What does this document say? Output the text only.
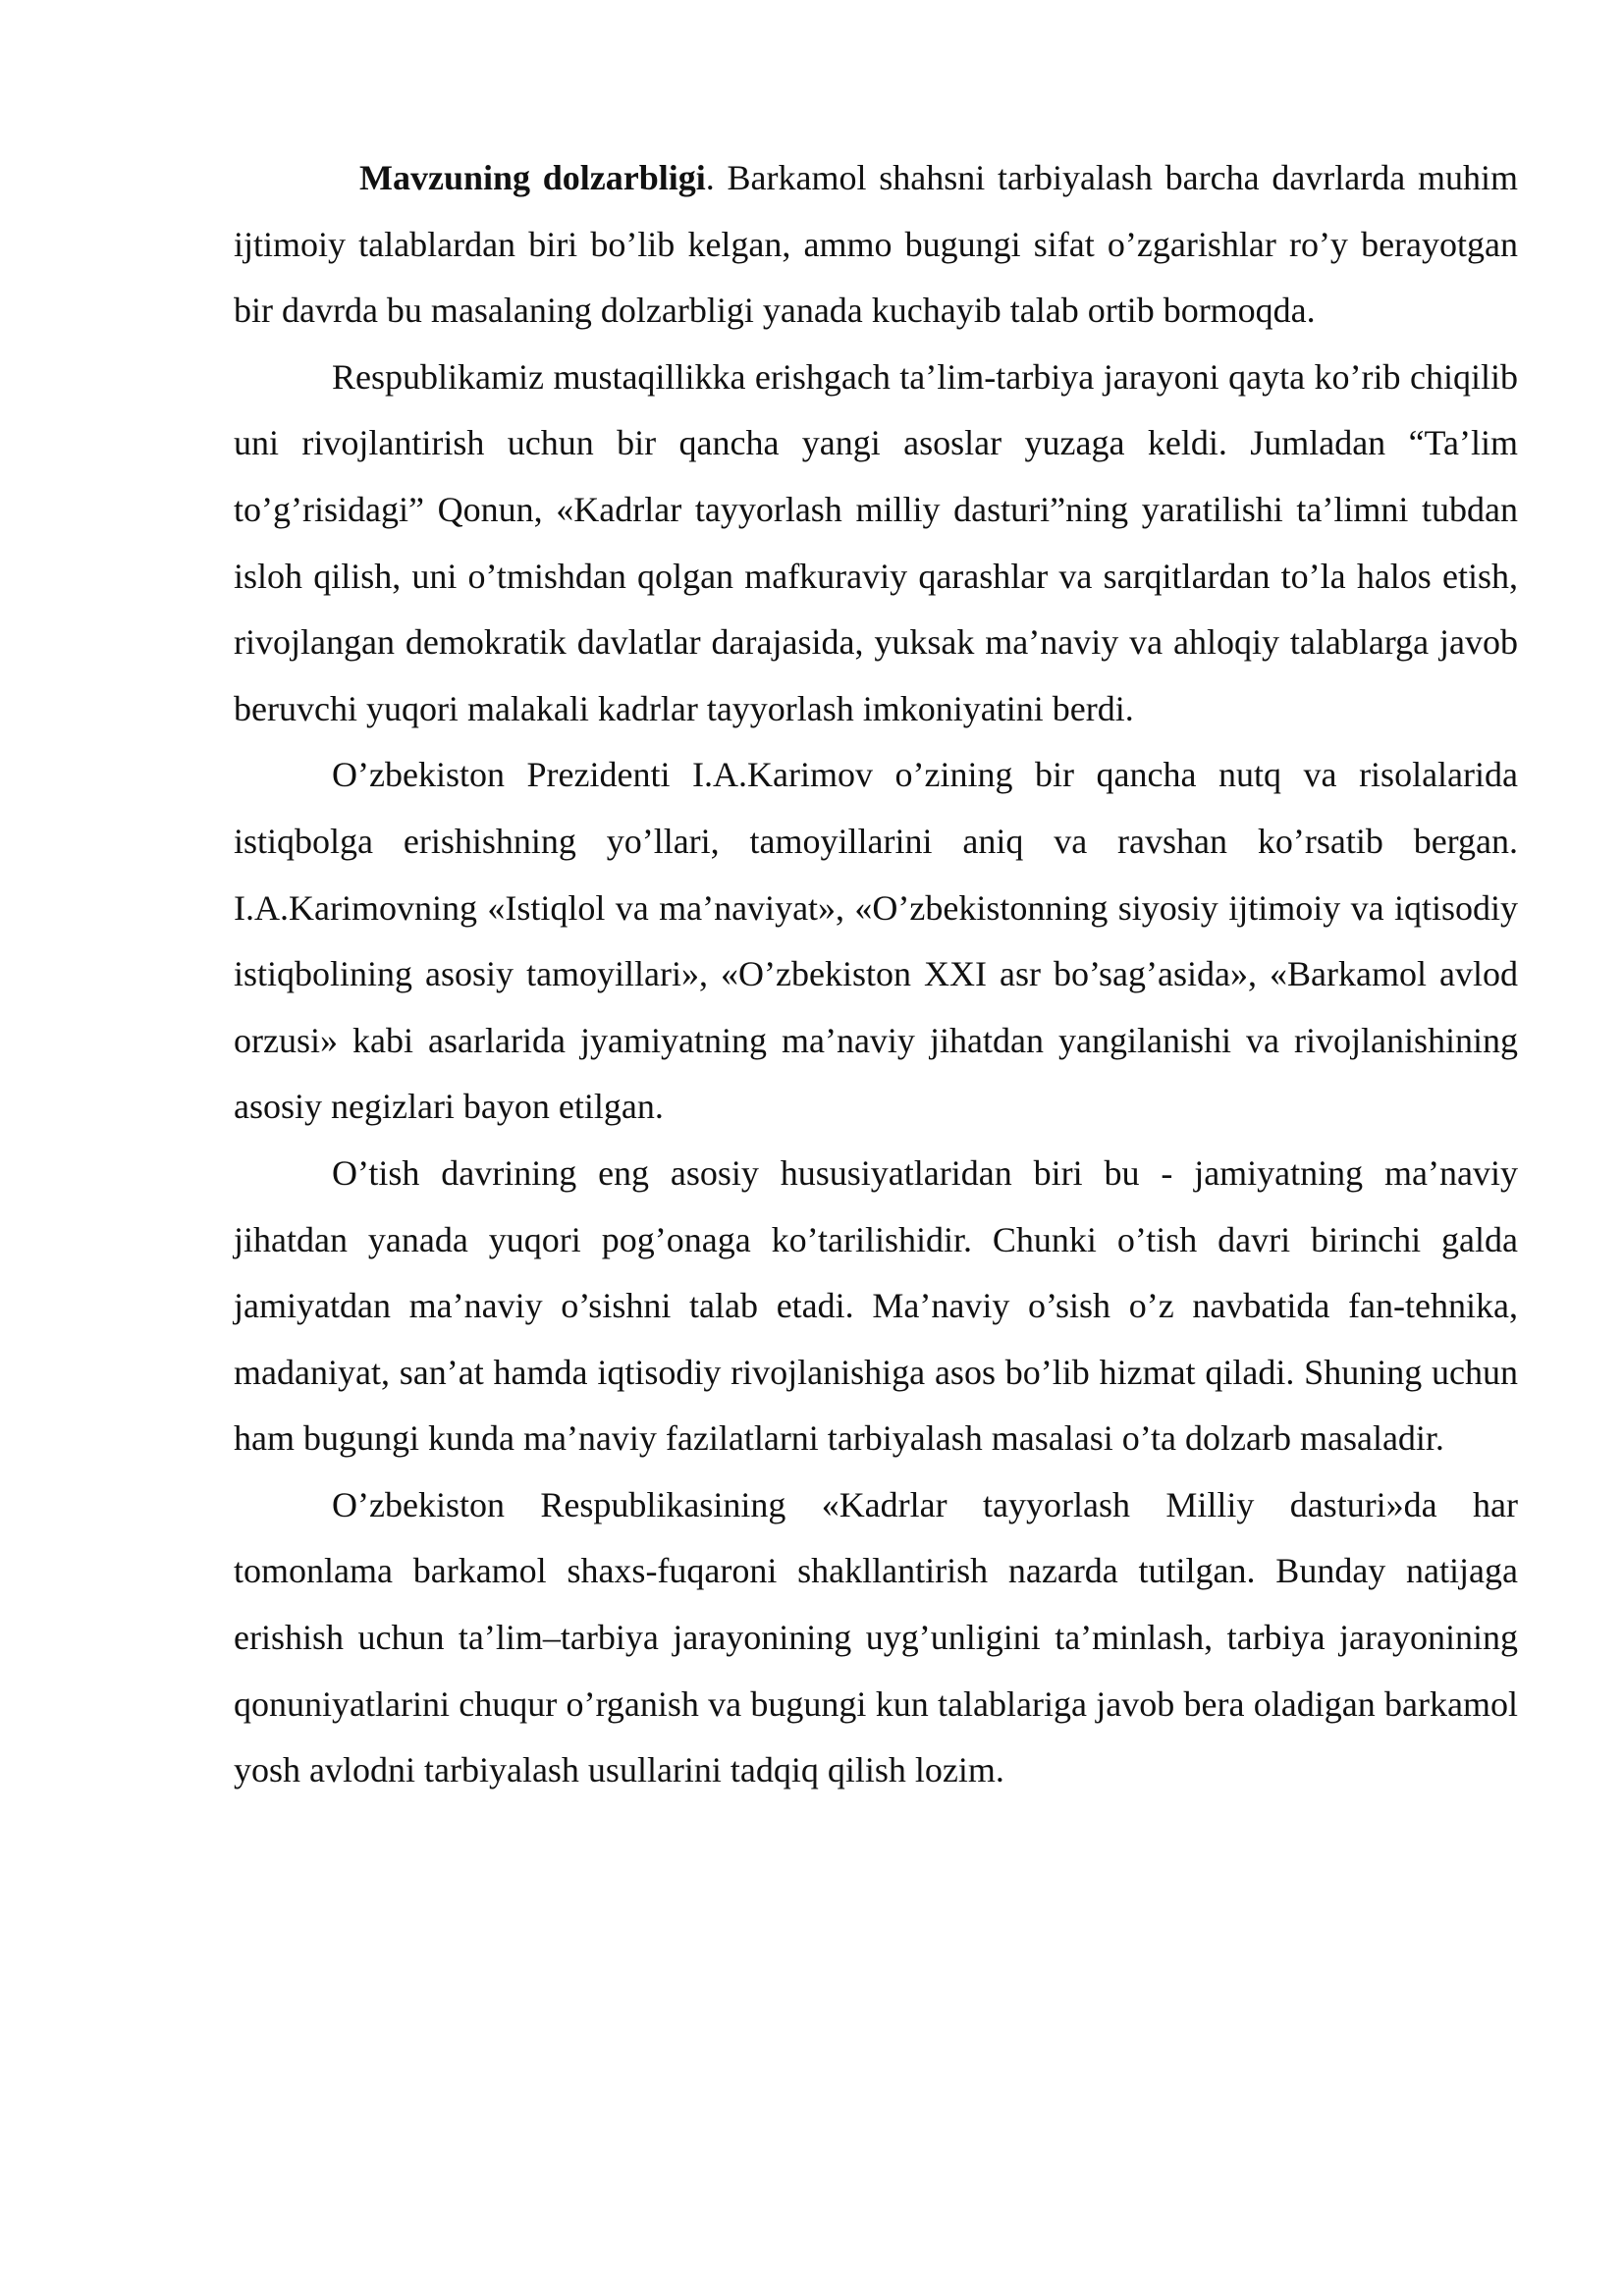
Mavzuning dolzarbligi. Barkamol shahsni tarbiyalash barcha davrlarda muhim ijtimoiy talablardan biri bo’lib kelgan, ammo bugungi sifat o’zgarishlar ro’y berayotgan bir davrda bu masalaning dolzarbligi yanada kuchayib talab ortib bormoqda.

Respublikamiz mustaqillikka erishgach ta’lim-tarbiya jarayoni qayta ko’rib chiqilib uni rivojlantirish uchun bir qancha yangi asoslar yuzaga keldi. Jumladan “Ta’lim to’g’risidagi” Qonun, «Kadrlar tayyorlash milliy dasturi”ning yaratilishi ta’limni tubdan isloh qilish, uni o’tmishdan qolgan mafkuraviy qarashlar va sarqitlardan to’la halos etish, rivojlangan demokratik davlatlar darajasida, yuksak ma’naviy va ahloqiy talablarga javob beruvchi yuqori malakali kadrlar tayyorlash imkoniyatini berdi.

O’zbekiston Prezidenti I.A.Karimov o’zining bir qancha nutq va risolalarida istiqbolga erishishning yo’llari, tamoyillarini aniq va ravshan ko’rsatib bergan. I.A.Karimovning «Istiqlol va ma’naviyat», «O’zbekistonning siyosiy ijtimoiy va iqtisodiy istiqbolining asosiy tamoyillari», «O’zbekiston XXI asr bo’sag’asida», «Barkamol avlod orzusi» kabi asarlarida jyamiyatning ma’naviy jihatdan yangilanishi va rivojlanishining asosiy negizlari bayon etilgan.

O’tish davrining eng asosiy hususiyatlaridan biri bu - jamiyatning ma’naviy jihatdan yanada yuqori pog’onaga ko’tarilishidir. Chunki o’tish davri birinchi galda jamiyatdan ma’naviy o’sishni talab etadi. Ma’naviy o’sish o’z navbatida fan-tehnika, madaniyat, san’at hamda iqtisodiy rivojlanishiga asos bo’lib hizmat qiladi. Shuning uchun ham bugungi kunda ma’naviy fazilatlarni tarbiyalash masalasi o’ta dolzarb masaladir.

O’zbekiston Respublikasining «Kadrlar tayyorlash Milliy dasturi»da har tomonlama barkamol shaxs-fuqaroni shakllantirish nazarda tutilgan. Bunday natijaga erishish uchun ta’lim–tarbiya jarayonining uyg’unligini ta’minlash, tarbiya jarayonining qonuniyatlarini chuqur o’rganish va bugungi kun talablariga javob bera oladigan barkamol yosh avlodni tarbiyalash usullarini tadqiq qilish lozim.
